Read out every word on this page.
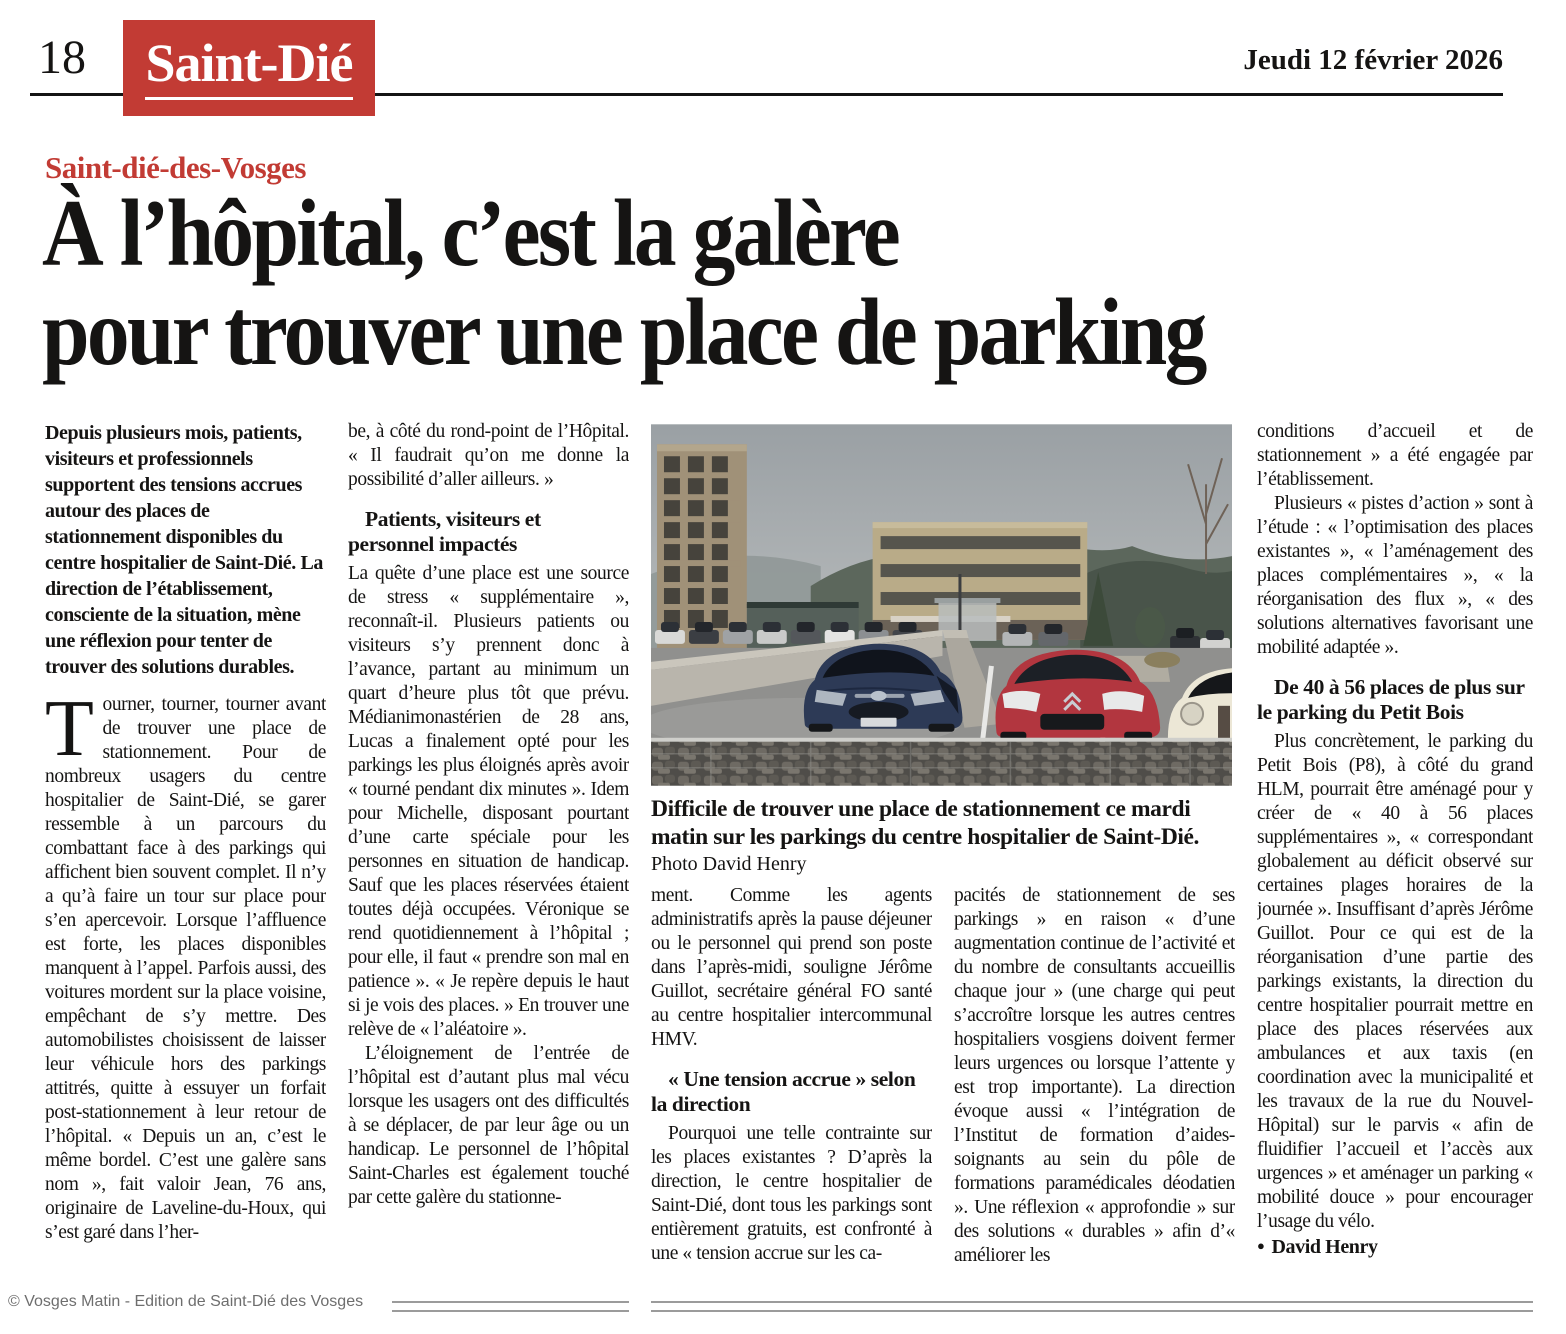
18 Saint-Dié	Jeudi 12 février 2026
Saint-dié-des-Vosges
À l’hôpital, c’est la galère
pour trouver une place de parking

Depuis plusieurs mois, patients, visiteurs et professionnels supportent des tensions accrues autour des places de stationnement disponibles du centre hospitalier de Saint-Dié. La direction de l’établissement, consciente de la situation, mène une réflexion pour tenter de trouver des solutions durables.

Tourner, tourner, tourner avant de trouver une place de stationnement. Pour de nombreux usagers du centre hospitalier de Saint-Dié, se garer ressemble à un parcours du combattant face à des parkings qui affichent bien souvent complet. Il n’y a qu’à faire un tour sur place pour s’en apercevoir. Lorsque l’affluence est forte, les places disponibles manquent à l’appel. Parfois aussi, des voitures mordent sur la place voisine, empêchant de s’y mettre. Des automobilistes choisissent de laisser leur véhicule hors des parkings attitrés, quitte à essuyer un forfait post-stationnement à leur retour de l’hôpital. « Depuis un an, c’est le même bordel. C’est une galère sans nom », fait valoir Jean, 76 ans, originaire de Laveline-du-Houx, qui s’est garé dans l’her-

be, à côté du rond-point de l’Hôpital. « Il faudrait qu’on me donne la possibilité d’aller ailleurs. »

Patients, visiteurs et personnel impactés

La quête d’une place est une source de stress « supplémentaire », reconnaît-il. Plusieurs patients ou visiteurs s’y prennent donc à l’avance, partant au minimum un quart d’heure plus tôt que prévu. Médianimonastérien de 28 ans, Lucas a finalement opté pour les parkings les plus éloignés après avoir « tourné pendant dix minutes ». Idem pour Michelle, disposant pourtant d’une carte spéciale pour les personnes en situation de handicap. Sauf que les places réservées étaient toutes déjà occupées. Véronique se rend quotidiennement à l’hôpital ; pour elle, il faut « prendre son mal en patience ». « Je repère depuis le haut si je vois des places. » En trouver une relève de « l’aléatoire ».

L’éloignement de l’entrée de l’hôpital est d’autant plus mal vécu lorsque les usagers ont des difficultés à se déplacer, de par leur âge ou un handicap. Le personnel de l’hôpital Saint-Charles est également touché par cette galère du stationne-

Difficile de trouver une place de stationnement ce mardi matin sur les parkings du centre hospitalier de Saint-Dié.
Photo David Henry

ment. Comme les agents administratifs après la pause déjeuner ou le personnel qui prend son poste dans l’après-midi, souligne Jérôme Guillot, secrétaire général FO santé au centre hospitalier intercommunal HMV.

« Une tension accrue » selon la direction

Pourquoi une telle contrainte sur les places existantes ? D’après la direction, le centre hospitalier de Saint-Dié, dont tous les parkings sont entièrement gratuits, est confronté à une « tension accrue sur les ca-

pacités de stationnement de ses parkings » en raison « d’une augmentation continue de l’activité et du nombre de consultants accueillis chaque jour » (une charge qui peut s’accroître lorsque les autres centres hospitaliers vosgiens doivent fermer leurs urgences ou lorsque l’attente y est trop importante). La direction évoque aussi « l’intégration de l’Institut de formation d’aides-soignants au sein du pôle de formations paramédicales déodatien ». Une réflexion « approfondie » sur des solutions « durables » afin d’« améliorer les

conditions d’accueil et de stationnement » a été engagée par l’établissement.

Plusieurs « pistes d’action » sont à l’étude : « l’optimisation des places existantes », « l’aménagement des places complémentaires », « la réorganisation des flux », « des solutions alternatives favorisant une mobilité adaptée ».

De 40 à 56 places de plus sur le parking du Petit Bois

Plus concrètement, le parking du Petit Bois (P8), à côté du grand HLM, pourrait être aménagé pour y créer de « 40 à 56 places supplémentaires », « correspondant globalement au déficit observé sur certaines plages horaires de la journée ». Insuffisant d’après Jérôme Guillot. Pour ce qui est de la réorganisation d’une partie des parkings existants, la direction du centre hospitalier pourrait mettre en place des places réservées aux ambulances et aux taxis (en coordination avec la municipalité et les travaux de la rue du Nouvel-Hôpital) sur le parvis « afin de fluidifier l’accueil et l’accès aux urgences » et aménager un parking « mobilité douce » pour encourager l’usage du vélo.

● David Henry

© Vosges Matin - Edition de Saint-Dié des Vosges
